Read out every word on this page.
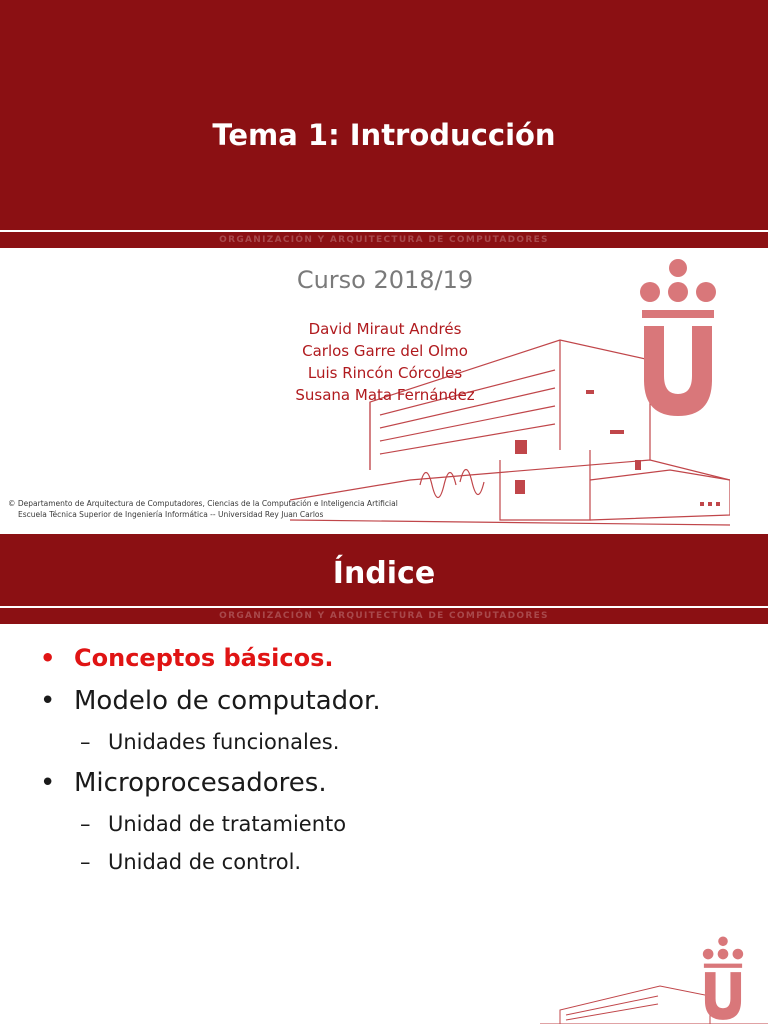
Tema 1: Introducción
ORGANIZACIÓN Y ARQUITECTURA DE COMPUTADORES
Curso 2018/19
David Miraut Andrés
Carlos Garre del Olmo
Luis Rincón Córcoles
Susana Mata Fernández
© Departamento de Arquitectura de Computadores, Ciencias de la Computación e Inteligencia Artificial
Escuela Técnica Superior de Ingeniería Informática -- Universidad Rey Juan Carlos
Índice
ORGANIZACIÓN Y ARQUITECTURA DE COMPUTADORES
• Conceptos básicos.
• Modelo de computador.
– Unidades funcionales.
• Microprocesadores.
– Unidad de tratamiento
– Unidad de control.
